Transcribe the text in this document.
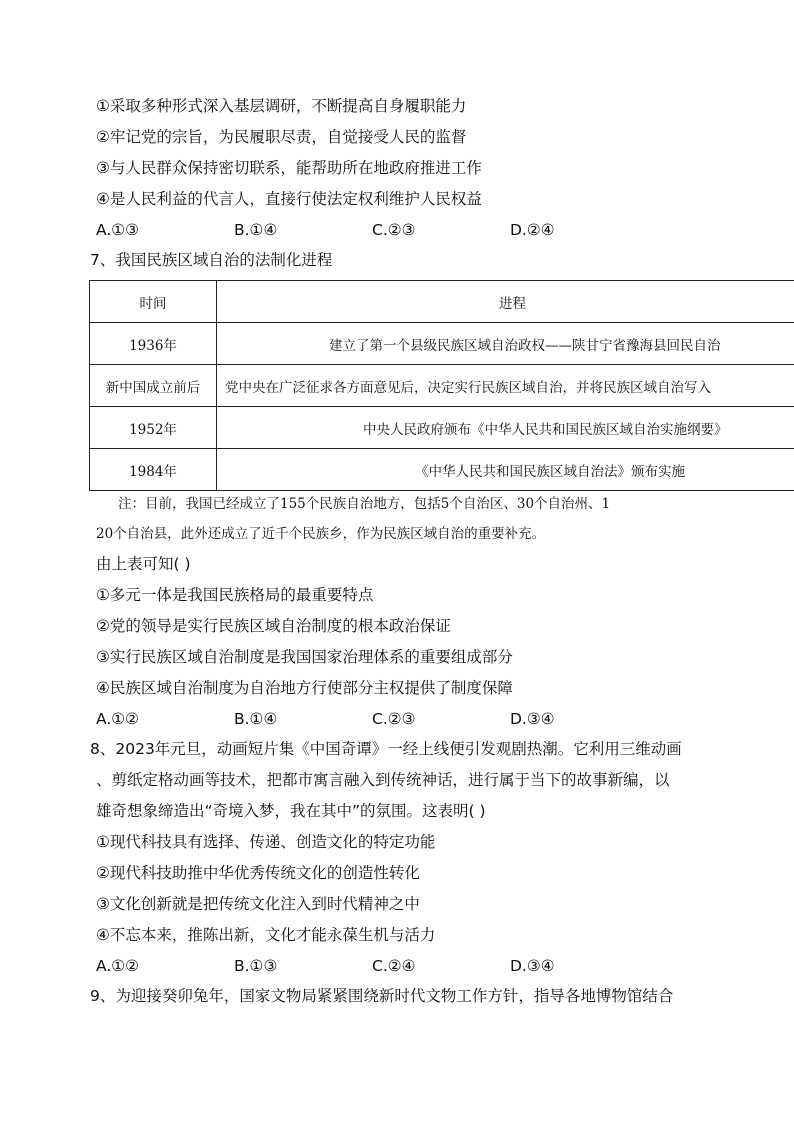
①采取多种形式深入基层调研，不断提高自身履职能力
②牢记党的宗旨，为民履职尽责，自觉接受人民的监督
③与人民群众保持密切联系，能帮助所在地政府推进工作
④是人民利益的代言人，直接行使法定权利维护人民权益
A.①③	B.①④	C.②③	D.②④
7、我国民族区域自治的法制化进程
时间	进程
1936年	建立了第一个县级民族区域自治政权——陕甘宁省豫海县回民自治
新中国成立前后	党中央在广泛征求各方面意见后，决定实行民族区域自治，并将民族区域自治写入
1952年	中央人民政府颁布《中华人民共和国民族区域自治实施纲要》
1984年	《中华人民共和国民族区域自治法》颁布实施
注：目前，我国已经成立了155个民族自治地方，包括5个自治区、30个自治州、1
20个自治县，此外还成立了近千个民族乡，作为民族区域自治的重要补充。
由上表可知( )
①多元一体是我国民族格局的最重要特点
②党的领导是实行民族区域自治制度的根本政治保证
③实行民族区域自治制度是我国国家治理体系的重要组成部分
④民族区域自治制度为自治地方行使部分主权提供了制度保障
A.①②	B.①④	C.②③	D.③④
8、2023年元旦，动画短片集《中国奇谭》一经上线便引发观剧热潮。它利用三维动画
、剪纸定格动画等技术，把都市寓言融入到传统神话，进行属于当下的故事新编，以
雄奇想象缔造出“奇境入梦，我在其中”的氛围。这表明( )
①现代科技具有选择、传递、创造文化的特定功能
②现代科技助推中华优秀传统文化的创造性转化
③文化创新就是把传统文化注入到时代精神之中
④不忘本来，推陈出新，文化才能永葆生机与活力
A.①②	B.①③	C.②④	D.③④
9、为迎接癸卯兔年，国家文物局紧紧围绕新时代文物工作方针，指导各地博物馆结合
